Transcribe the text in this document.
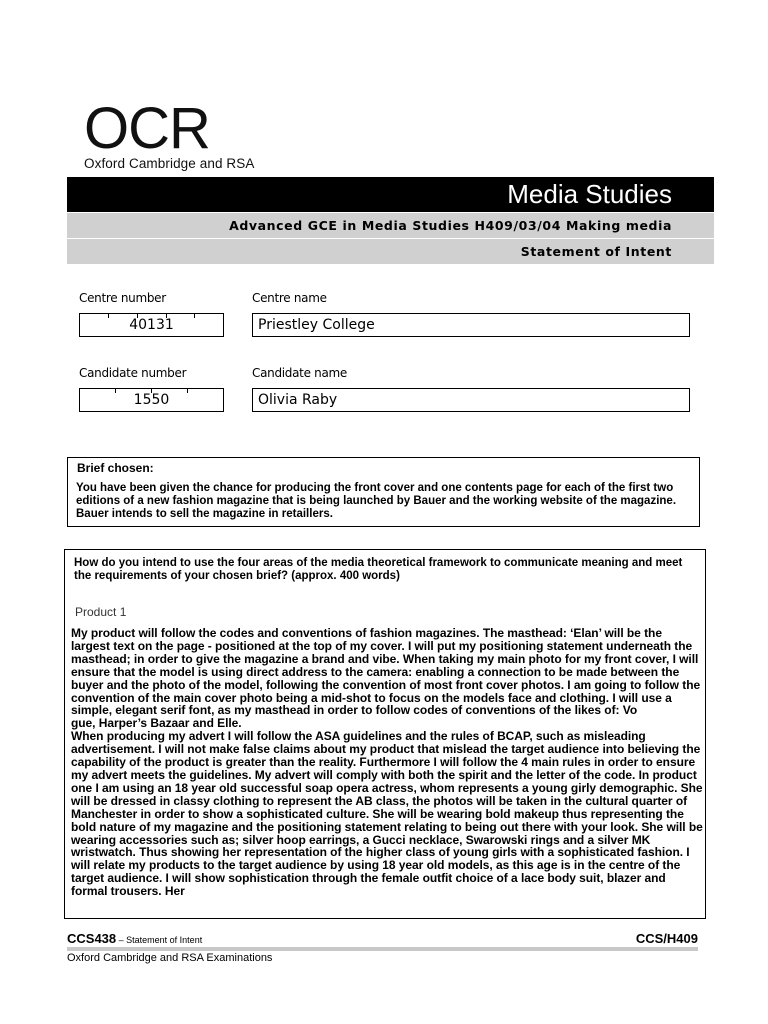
OCR
Oxford Cambridge and RSA
Media Studies
Advanced GCE in Media Studies H409/03/04 Making media
Statement of Intent
Centre number	Centre name
40131	Priestley College
Candidate number	Candidate name
1550	Olivia Raby
Brief chosen:
You have been given the chance for producing the front cover and one contents page for each of the first two editions of a new fashion magazine that is being launched by Bauer and the working website of the magazine. Bauer intends to sell the magazine in retaillers.
How do you intend to use the four areas of the media theoretical framework to communicate meaning and meet the requirements of your chosen brief? (approx. 400 words)
Product 1

My product will follow the codes and conventions of fashion magazines. The masthead: ‘Elan’ will be the largest text on the page - positioned at the top of my cover. I will put my positioning statement underneath the masthead; in order to give the magazine a brand and vibe. When taking my main photo for my front cover, I will ensure that the model is using direct address to the camera: enabling a connection to be made between the buyer and the photo of the model, following the convention of most front cover photos. I am going to follow the convention of the main cover photo being a mid-shot to focus on the models face and clothing. I will use a simple, elegant serif font, as my masthead in order to follow codes of conventions of the likes of: Vo

gue, Harper’s Bazaar and Elle.

When producing my advert I will follow the ASA guidelines and the rules of BCAP, such as misleading advertisement. I will not make false claims about my product that mislead the target audience into believing the capability of the product is greater than the reality. Furthermore I will follow the 4 main rules in order to ensure my advert meets the guidelines. My advert will comply with both the spirit and the letter of the code. In product one I am using an 18 year old successful soap opera actress, whom represents a young girly demographic. She will be dressed in classy clothing to represent the AB class, the photos will be taken in the cultural quarter of Manchester in order to show a sophisticated culture. She will be wearing bold makeup thus representing the bold nature of my magazine and the positioning statement relating to being out there with your look. She will be wearing accessories such as; silver hoop earrings, a Gucci necklace, Swarowski rings and a silver MK wristwatch. Thus showing her representation of the higher class of young girls with a sophisticated fashion. I will relate my products to the target audience by using 18 year old models, as this age is in the centre of the target audience. I will show sophistication through the female outfit choice of a lace body suit, blazer and formal trousers. Her

CCS438 – Statement of Intent	CCS/H409
Oxford Cambridge and RSA Examinations
